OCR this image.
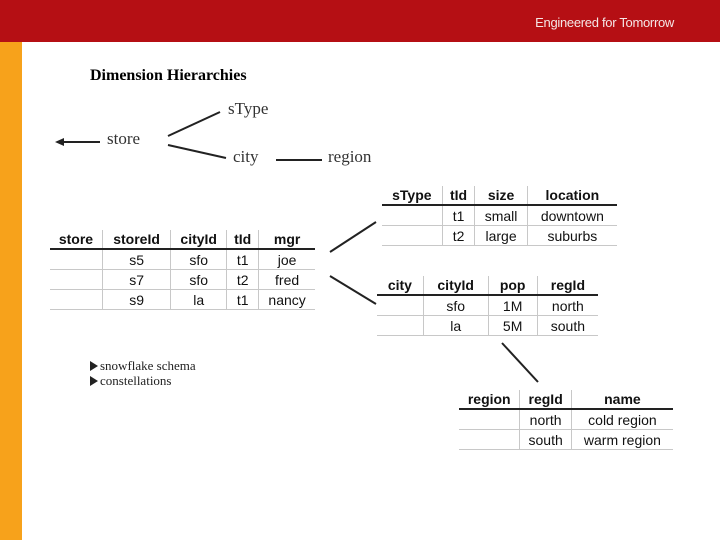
Engineered for Tomorrow
Dimension Hierarchies
store
sType
city	region
store	storeId	cityId	tId	mgr
	s5	sfo	t1	joe
	s7	sfo	t2	fred
	s9	la	t1	nancy
sType	tId	size	location
	t1	small	downtown
	t2	large	suburbs
city	cityId	pop	regId
	sfo	1M	north
	la	5M	south
region	regId	name
	north	cold region
	south	warm region
snowflake schema
constellations
